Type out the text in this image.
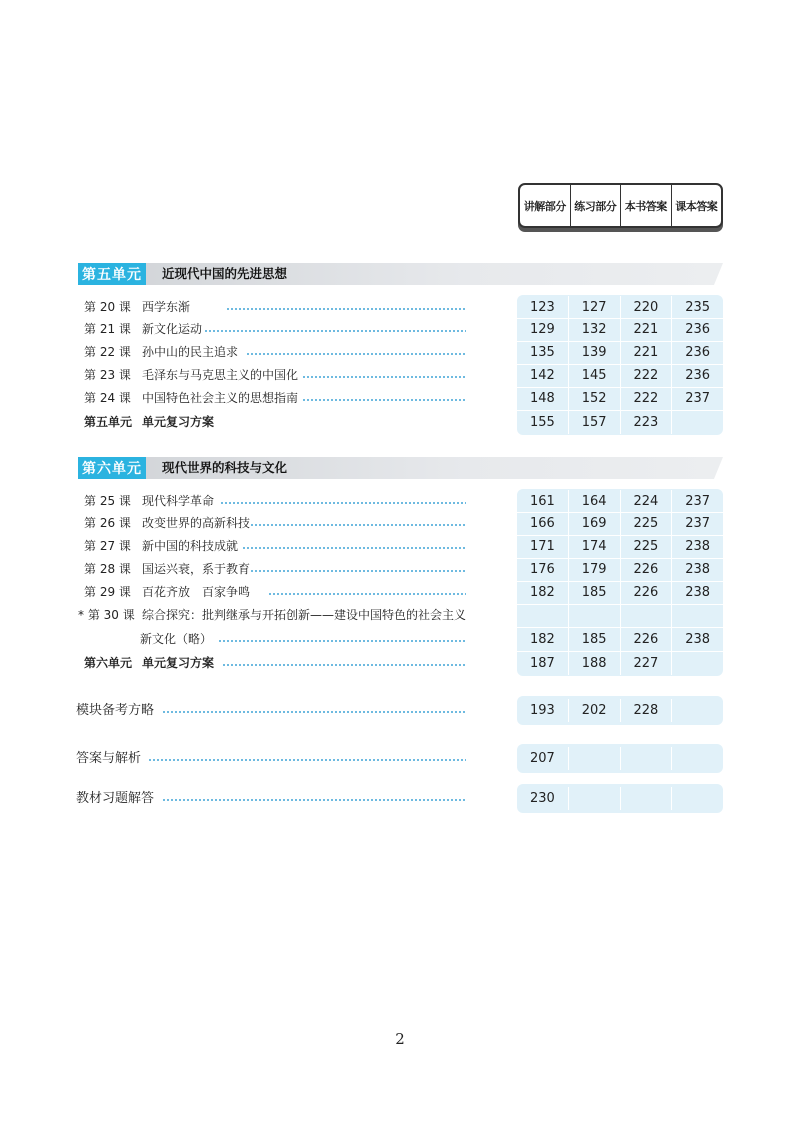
讲解部分 练习部分 本书答案 课本答案
第五单元	近现代中国的先进思想
第 20 课 西学东渐	123	127	220	235
第 21 课 新文化运动	129	132	221	236
第 22 课 孙中山的民主追求	135	139	221	236
第 23 课 毛泽东与马克思主义的中国化	142	145	222	236
第 24 课 中国特色社会主义的思想指南	148	152	222	237
第五单元 单元复习方案	155	157	223
第六单元	现代世界的科技与文化
第 25 课 现代科学革命	161	164	224	237
第 26 课 改变世界的高新科技	166	169	225	237
第 27 课 新中国的科技成就	171	174	225	238
第 28 课 国运兴衰，系于教育	176	179	226	238
第 29 课 百花齐放　百家争鸣	182	185	226	238
* 第 30 课 综合探究：批判继承与开拓创新——建设中国特色的社会主义
新文化（略）	182	185	226	238
第六单元 单元复习方案	187	188	227
模块备考方略	193	202	228
答案与解析	207
教材习题解答	230
2
